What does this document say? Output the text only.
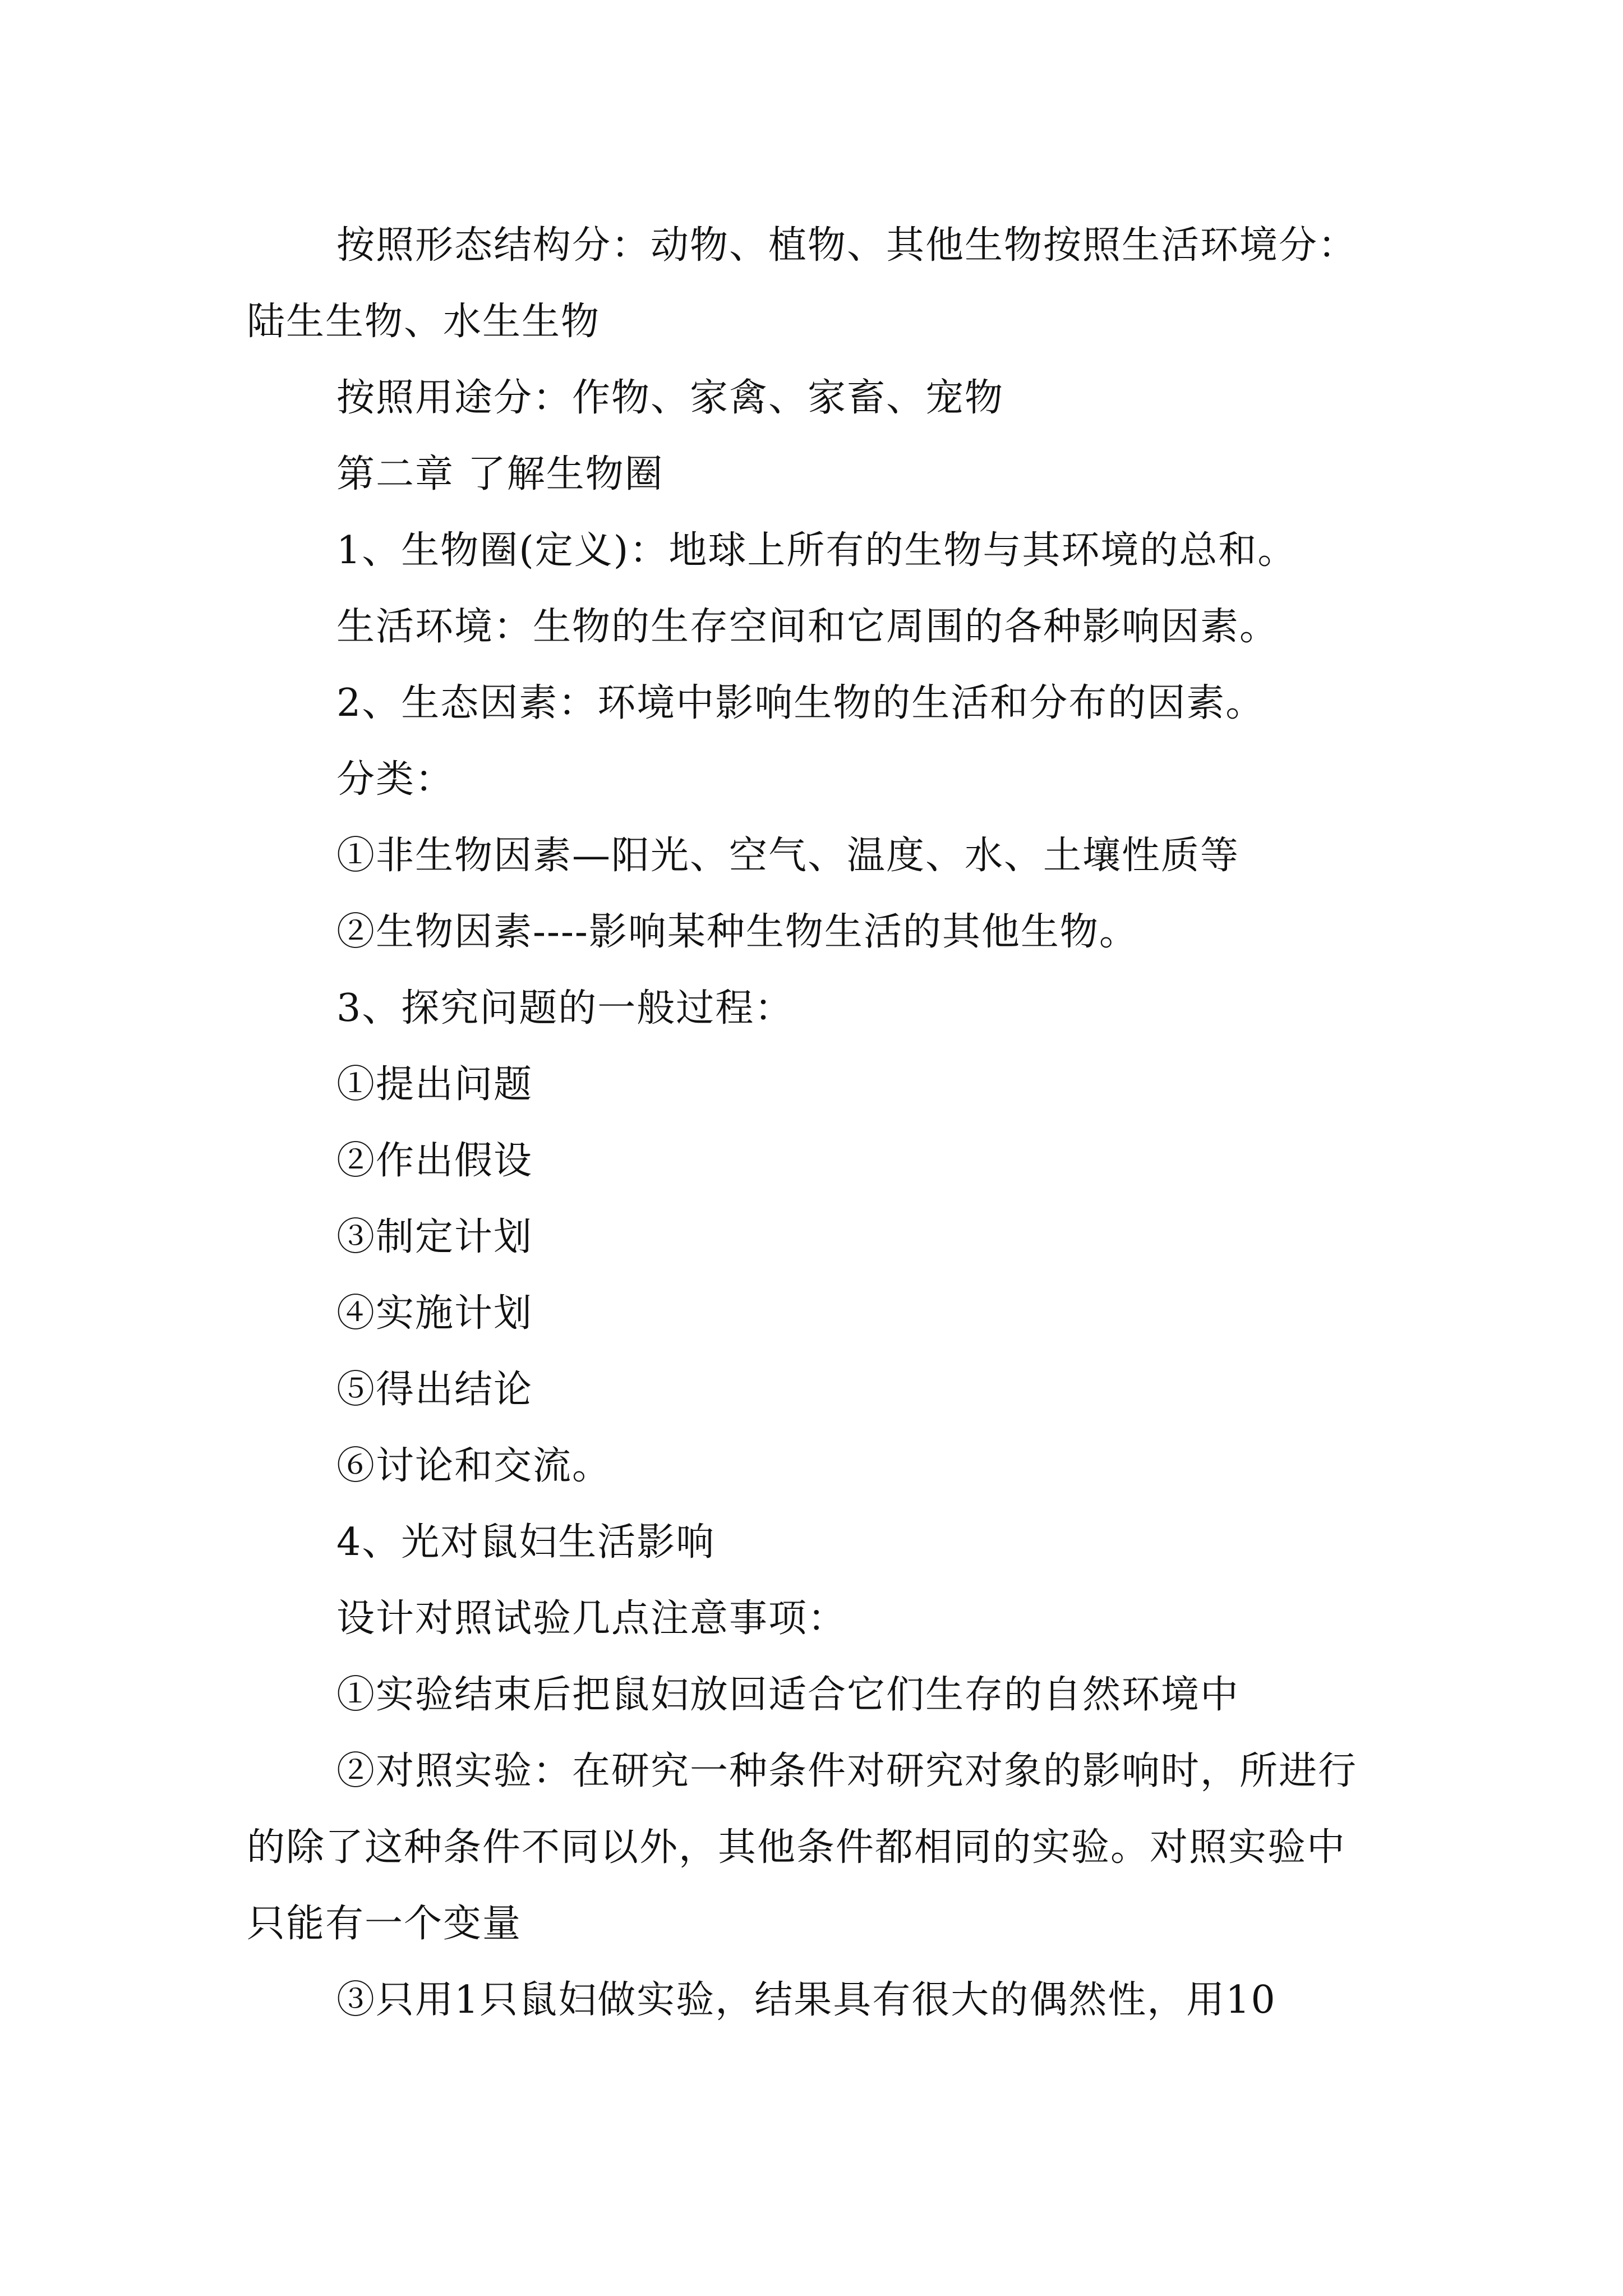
按照形态结构分：动物、植物、其他生物按照生活环境分：陆生生物、水生生物
按照用途分：作物、家禽、家畜、宠物
第二章 了解生物圈
1、生物圈(定义)：地球上所有的生物与其环境的总和。
生活环境：生物的生存空间和它周围的各种影响因素。
2、生态因素：环境中影响生物的生活和分布的因素。
分类：
①非生物因素—阳光、空气、温度、水、土壤性质等
②生物因素----影响某种生物生活的其他生物。
3、探究问题的一般过程：
①提出问题
②作出假设
③制定计划
④实施计划
⑤得出结论
⑥讨论和交流。
4、光对鼠妇生活影响
设计对照试验几点注意事项：
①实验结束后把鼠妇放回适合它们生存的自然环境中
②对照实验：在研究一种条件对研究对象的影响时，所进行的除了这种条件不同以外，其他条件都相同的实验。对照实验中只能有一个变量
③只用1只鼠妇做实验，结果具有很大的偶然性，用10
